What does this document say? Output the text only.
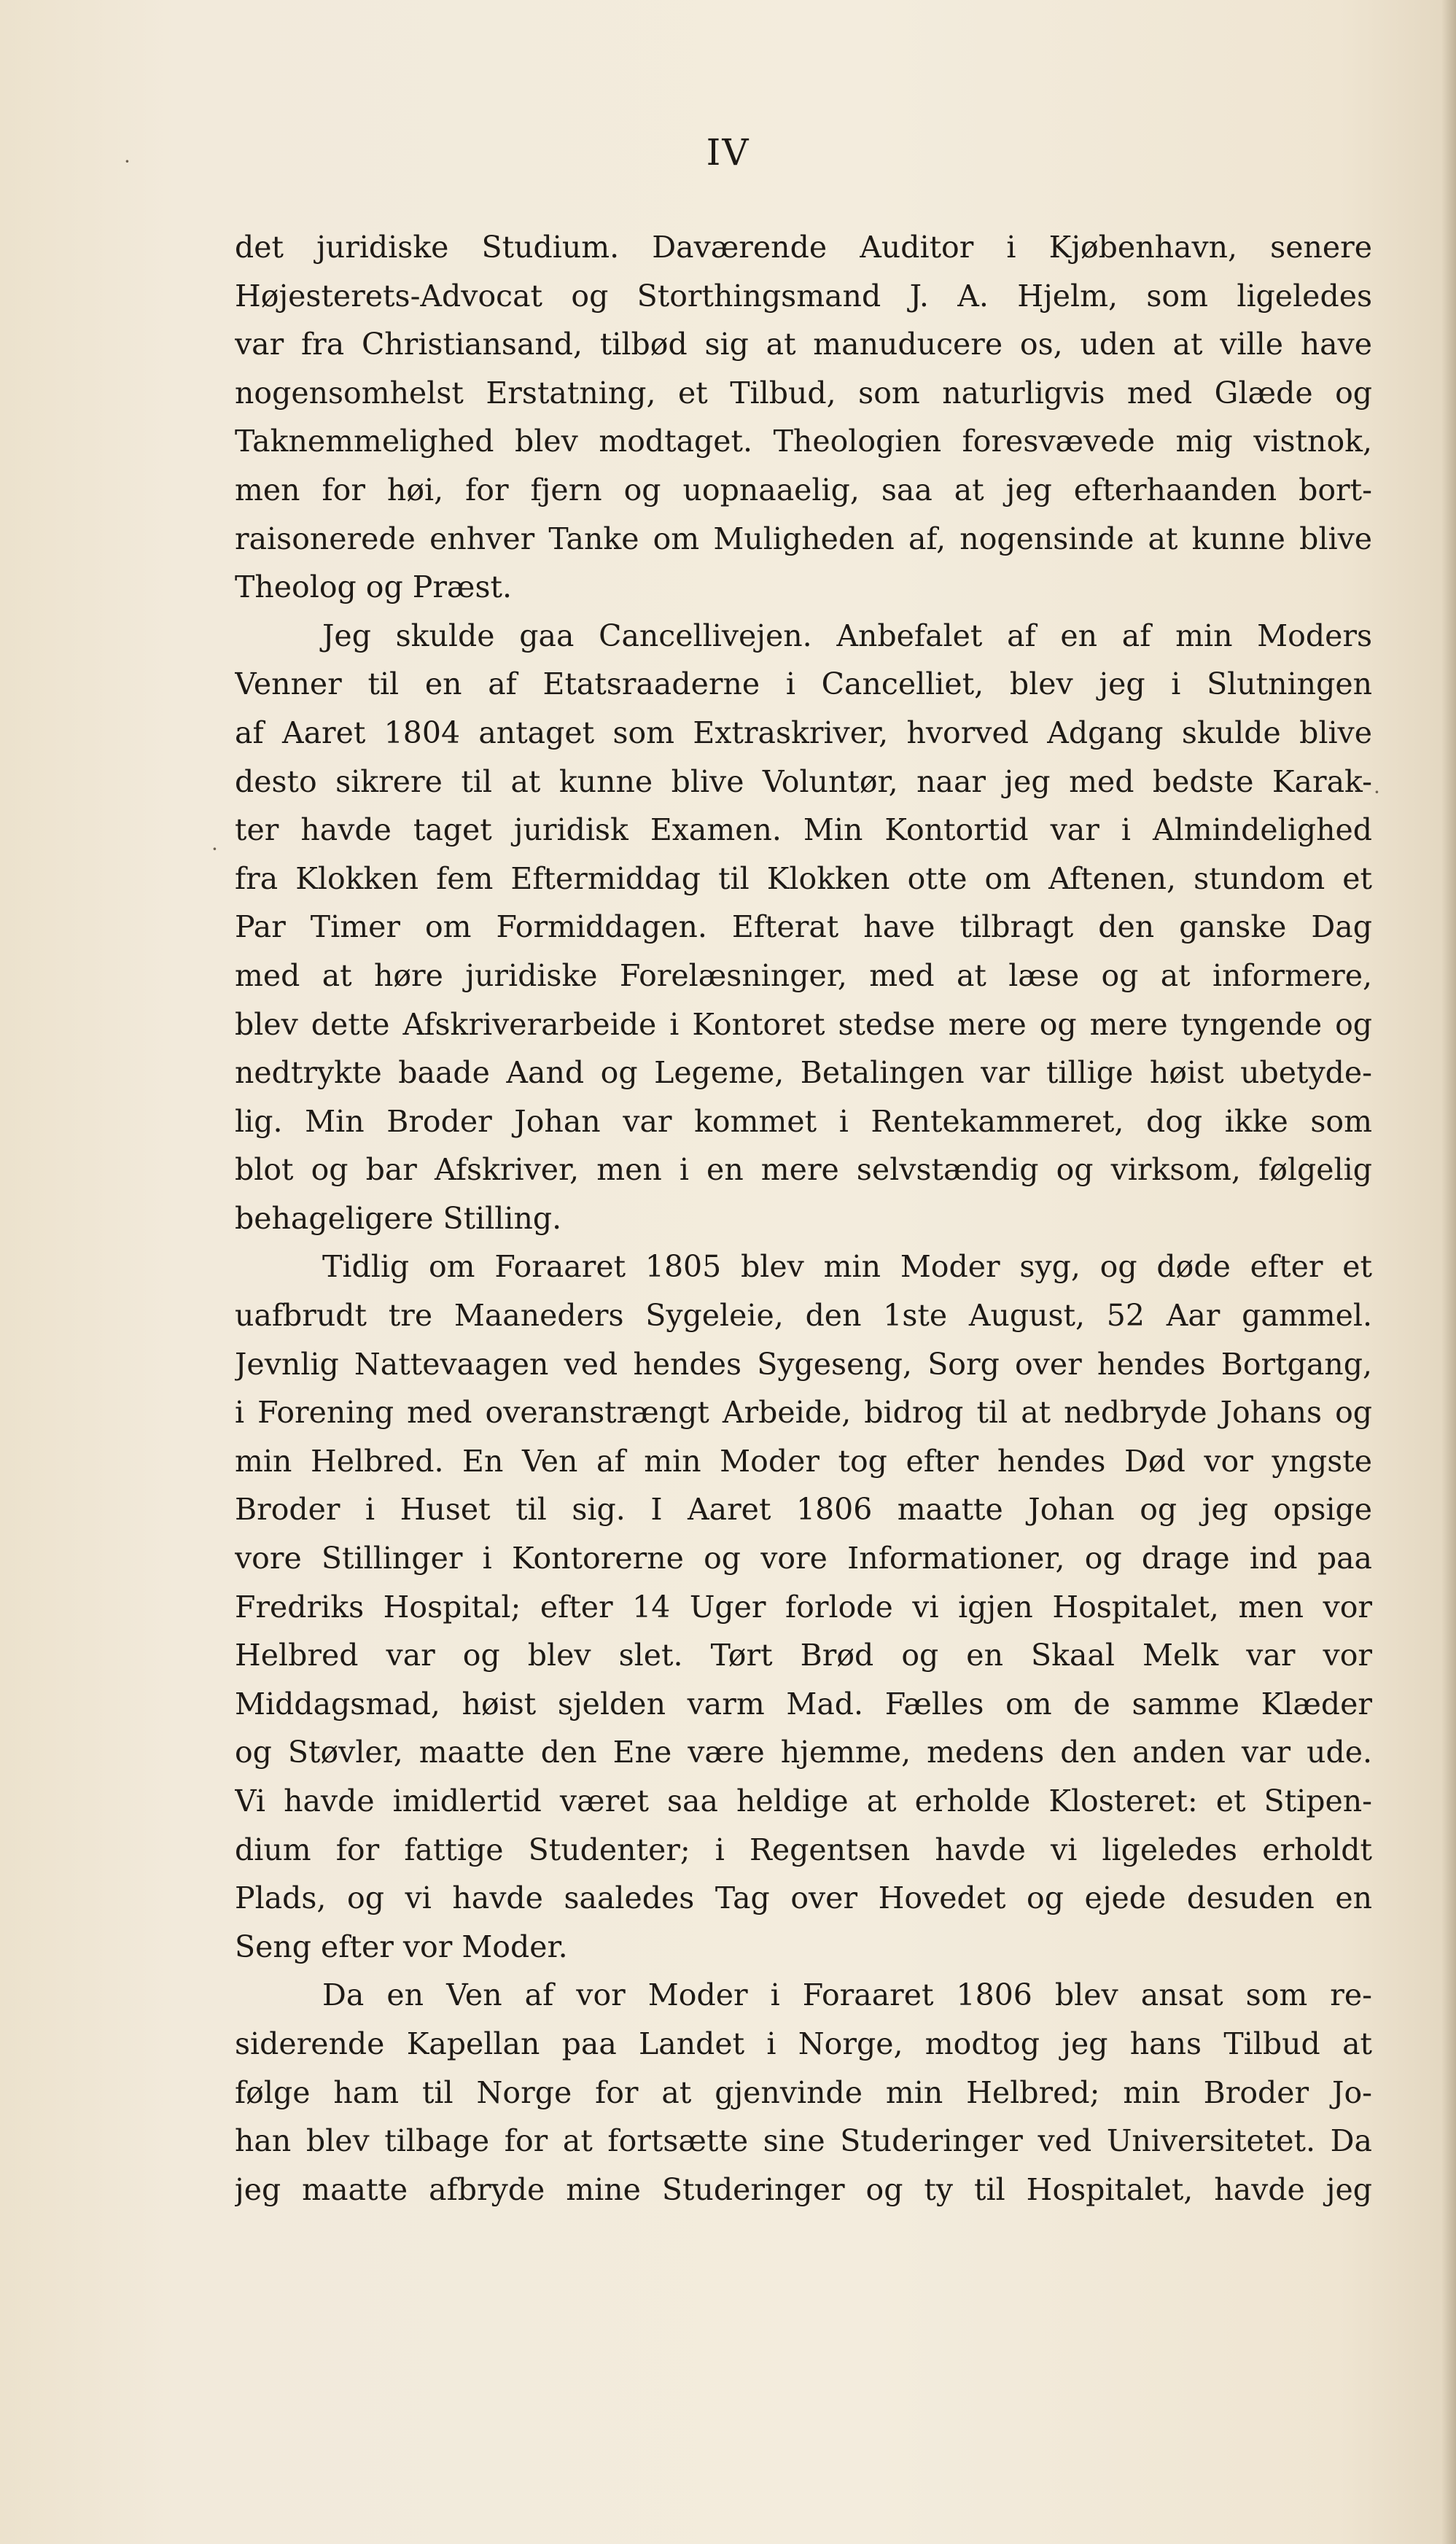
·
·
·
IV
det juridiske Studium. Daværende Auditor i Kjøbenhavn, senere
Højesterets-Advocat og Storthingsmand J. A. Hjelm, som ligeledes
var fra Christiansand, tilbød sig at manuducere os, uden at ville have
nogensomhelst Erstatning, et Tilbud, som naturligvis med Glæde og
Taknemmelighed blev modtaget. Theologien foresvævede mig vistnok,
men for høi, for fjern og uopnaaelig, saa at jeg efterhaanden bort-
raisonerede enhver Tanke om Muligheden af, nogensinde at kunne blive
Theolog og Præst.
Jeg skulde gaa Cancellivejen. Anbefalet af en af min Moders
Venner til en af Etatsraaderne i Cancelliet, blev jeg i Slutningen
af Aaret 1804 antaget som Extraskriver, hvorved Adgang skulde blive
desto sikrere til at kunne blive Voluntør, naar jeg med bedste Karak-
ter havde taget juridisk Examen. Min Kontortid var i Almindelighed
fra Klokken fem Eftermiddag til Klokken otte om Aftenen, stundom et
Par Timer om Formiddagen. Efterat have tilbragt den ganske Dag
med at høre juridiske Forelæsninger, med at læse og at informere,
blev dette Afskriverarbeide i Kontoret stedse mere og mere tyngende og
nedtrykte baade Aand og Legeme, Betalingen var tillige høist ubetyde-
lig. Min Broder Johan var kommet i Rentekammeret, dog ikke som
blot og bar Afskriver, men i en mere selvstændig og virksom, følgelig
behageligere Stilling.
Tidlig om Foraaret 1805 blev min Moder syg, og døde efter et
uafbrudt tre Maaneders Sygeleie, den 1ste August, 52 Aar gammel.
Jevnlig Nattevaagen ved hendes Sygeseng, Sorg over hendes Bortgang,
i Forening med overanstrængt Arbeide, bidrog til at nedbryde Johans og
min Helbred. En Ven af min Moder tog efter hendes Død vor yngste
Broder i Huset til sig. I Aaret 1806 maatte Johan og jeg opsige
vore Stillinger i Kontorerne og vore Informationer, og drage ind paa
Fredriks Hospital; efter 14 Uger forlode vi igjen Hospitalet, men vor
Helbred var og blev slet. Tørt Brød og en Skaal Melk var vor
Middagsmad, høist sjelden varm Mad. Fælles om de samme Klæder
og Støvler, maatte den Ene være hjemme, medens den anden var ude.
Vi havde imidlertid været saa heldige at erholde Klosteret: et Stipen-
dium for fattige Studenter; i Regentsen havde vi ligeledes erholdt
Plads, og vi havde saaledes Tag over Hovedet og ejede desuden en
Seng efter vor Moder.
Da en Ven af vor Moder i Foraaret 1806 blev ansat som re-
siderende Kapellan paa Landet i Norge, modtog jeg hans Tilbud at
følge ham til Norge for at gjenvinde min Helbred; min Broder Jo-
han blev tilbage for at fortsætte sine Studeringer ved Universitetet. Da
jeg maatte afbryde mine Studeringer og ty til Hospitalet, havde jeg
